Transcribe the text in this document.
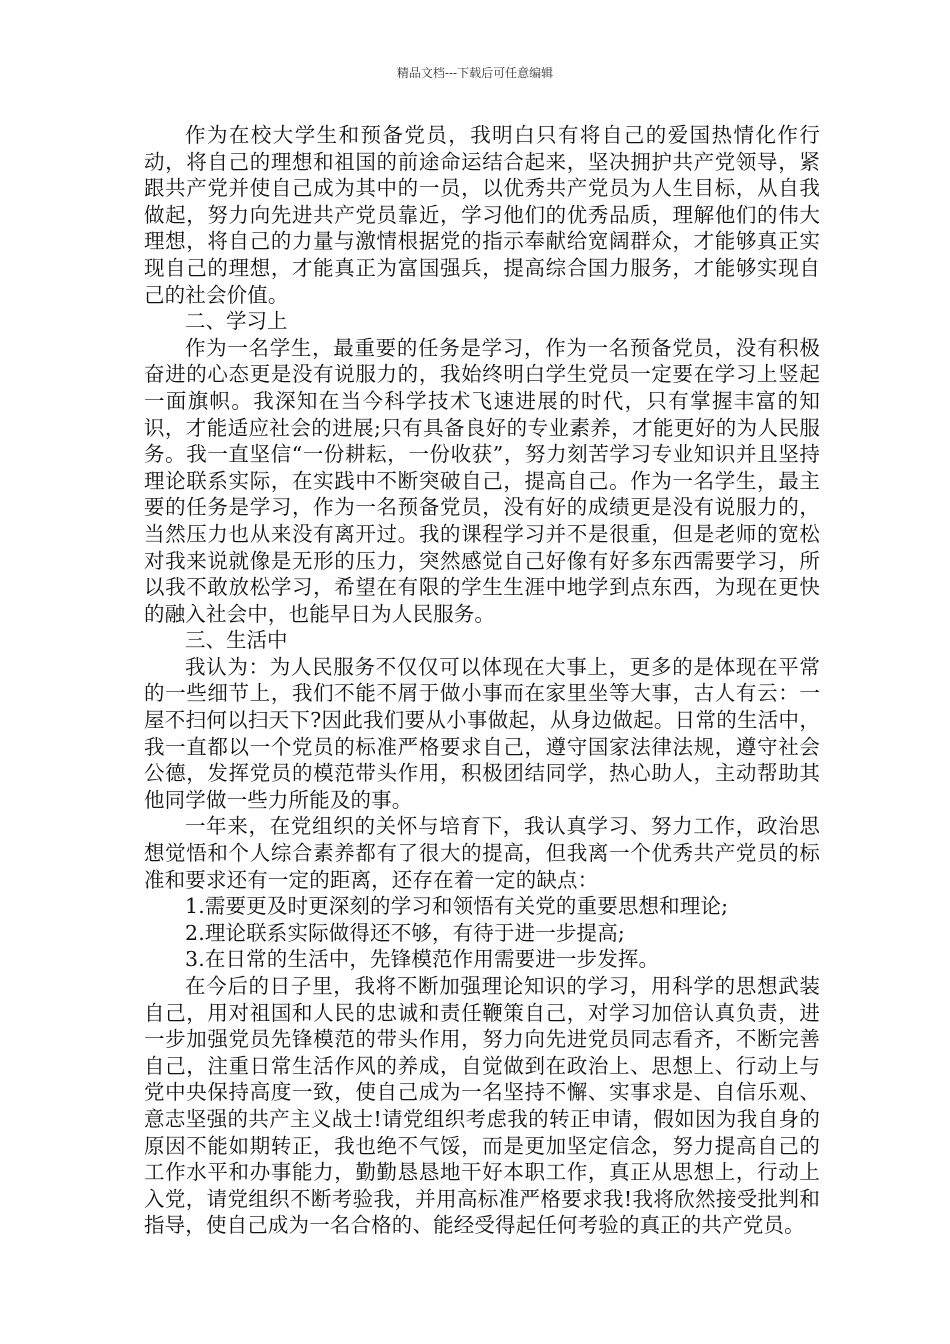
精品文档---下载后可任意编辑

作为在校大学生和预备党员，我明白只有将自己的爱国热情化作行动，将自己的理想和祖国的前途命运结合起来，坚决拥护共产党领导，紧跟共产党并使自己成为其中的一员，以优秀共产党员为人生目标，从自我做起，努力向先进共产党员靠近，学习他们的优秀品质，理解他们的伟大理想，将自己的力量与激情根据党的指示奉献给宽阔群众，才能够真正实现自己的理想，才能真正为富国强兵，提高综合国力服务，才能够实现自己的社会价值。

二、学习上

作为一名学生，最重要的任务是学习，作为一名预备党员，没有积极奋进的心态更是没有说服力的，我始终明白学生党员一定要在学习上竖起一面旗帜。我深知在当今科学技术飞速进展的时代，只有掌握丰富的知识，才能适应社会的进展;只有具备良好的专业素养，才能更好的为人民服务。我一直坚信“一份耕耘，一份收获”，努力刻苦学习专业知识并且坚持理论联系实际，在实践中不断突破自己，提高自己。作为一名学生，最主要的任务是学习，作为一名预备党员，没有好的成绩更是没有说服力的，当然压力也从来没有离开过。我的课程学习并不是很重，但是老师的宽松对我来说就像是无形的压力，突然感觉自己好像有好多东西需要学习，所以我不敢放松学习，希望在有限的学生生涯中地学到点东西，为现在更快的融入社会中，也能早日为人民服务。

三、生活中

我认为：为人民服务不仅仅可以体现在大事上，更多的是体现在平常的一些细节上，我们不能不屑于做小事而在家里坐等大事，古人有云：一屋不扫何以扫天下?因此我们要从小事做起，从身边做起。日常的生活中，我一直都以一个党员的标准严格要求自己，遵守国家法律法规，遵守社会公德，发挥党员的模范带头作用，积极团结同学，热心助人，主动帮助其他同学做一些力所能及的事。

一年来，在党组织的关怀与培育下，我认真学习、努力工作，政治思想觉悟和个人综合素养都有了很大的提高，但我离一个优秀共产党员的标准和要求还有一定的距离，还存在着一定的缺点：

1.需要更及时更深刻的学习和领悟有关党的重要思想和理论;

2.理论联系实际做得还不够，有待于进一步提高;

3.在日常的生活中，先锋模范作用需要进一步发挥。

在今后的日子里，我将不断加强理论知识的学习，用科学的思想武装自己，用对祖国和人民的忠诚和责任鞭策自己，对学习加倍认真负责，进一步加强党员先锋模范的带头作用，努力向先进党员同志看齐，不断完善自己，注重日常生活作风的养成，自觉做到在政治上、思想上、行动上与党中央保持高度一致，使自己成为一名坚持不懈、实事求是、自信乐观、意志坚强的共产主义战士!请党组织考虑我的转正申请，假如因为我自身的原因不能如期转正，我也绝不气馁，而是更加坚定信念，努力提高自己的工作水平和办事能力，勤勤恳恳地干好本职工作，真正从思想上，行动上入党，请党组织不断考验我，并用高标准严格要求我!我将欣然接受批判和指导，使自己成为一名合格的、能经受得起任何考验的真正的共产党员。
